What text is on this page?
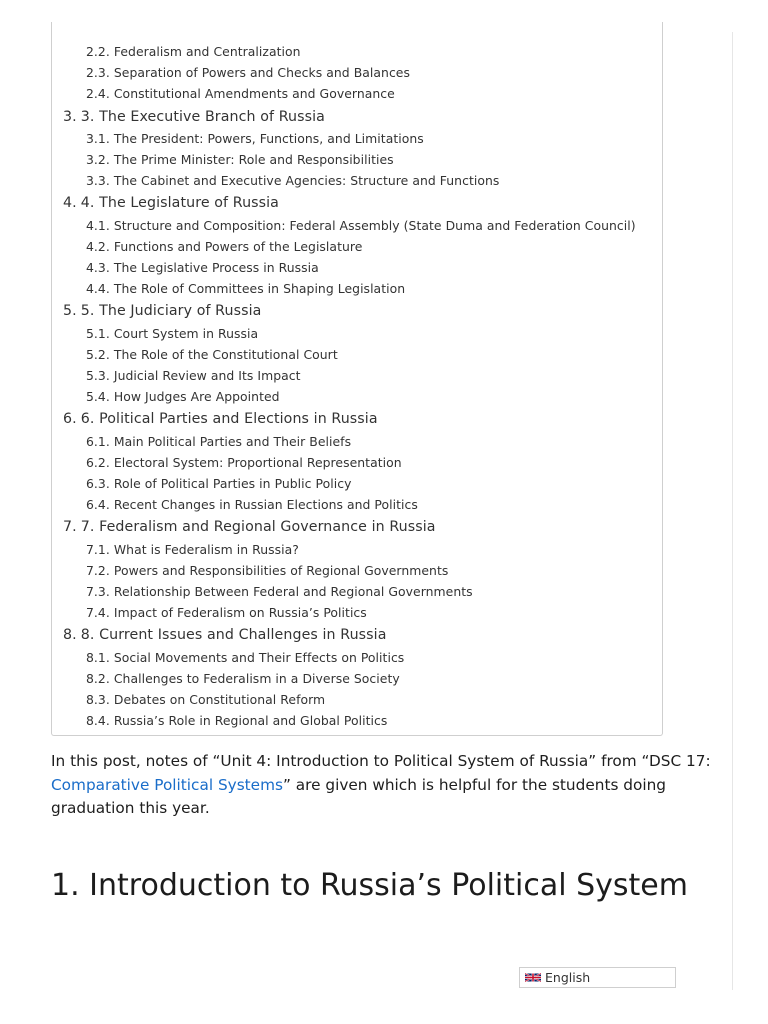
2.2. Federalism and Centralization
2.3. Separation of Powers and Checks and Balances
2.4. Constitutional Amendments and Governance
3. 3. The Executive Branch of Russia
3.1. The President: Powers, Functions, and Limitations
3.2. The Prime Minister: Role and Responsibilities
3.3. The Cabinet and Executive Agencies: Structure and Functions
4. 4. The Legislature of Russia
4.1. Structure and Composition: Federal Assembly (State Duma and Federation Council)
4.2. Functions and Powers of the Legislature
4.3. The Legislative Process in Russia
4.4. The Role of Committees in Shaping Legislation
5. 5. The Judiciary of Russia
5.1. Court System in Russia
5.2. The Role of the Constitutional Court
5.3. Judicial Review and Its Impact
5.4. How Judges Are Appointed
6. 6. Political Parties and Elections in Russia
6.1. Main Political Parties and Their Beliefs
6.2. Electoral System: Proportional Representation
6.3. Role of Political Parties in Public Policy
6.4. Recent Changes in Russian Elections and Politics
7. 7. Federalism and Regional Governance in Russia
7.1. What is Federalism in Russia?
7.2. Powers and Responsibilities of Regional Governments
7.3. Relationship Between Federal and Regional Governments
7.4. Impact of Federalism on Russia’s Politics
8. 8. Current Issues and Challenges in Russia
8.1. Social Movements and Their Effects on Politics
8.2. Challenges to Federalism in a Diverse Society
8.3. Debates on Constitutional Reform
8.4. Russia’s Role in Regional and Global Politics

In this post, notes of “Unit 4: Introduction to Political System of Russia” from “DSC 17: Comparative Political Systems” are given which is helpful for the students doing graduation this year.

1. Introduction to Russia’s Political System
English
